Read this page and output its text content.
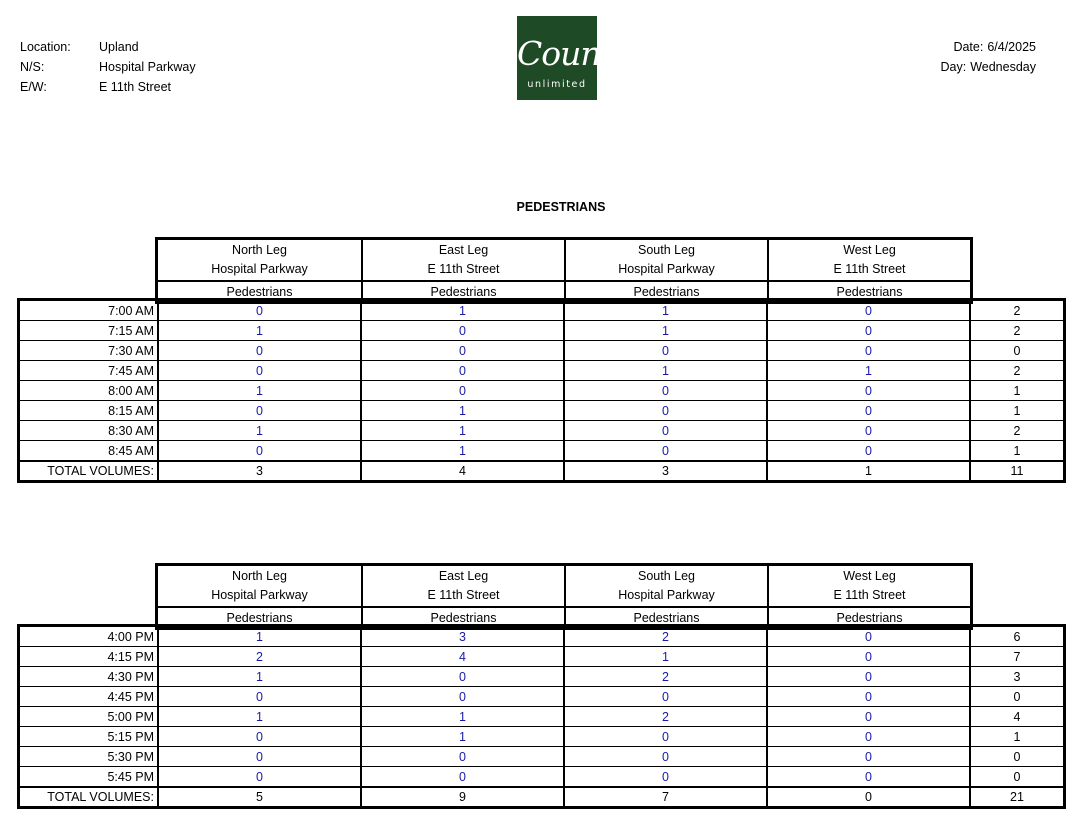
Location:	Upland
N/S:	Hospital Parkway
E/W:	E 11th Street
Counts
unlimited
Date: 6/4/2025
Day: Wednesday
PEDESTRIANS
North Leg
Hospital Parkway
Pedestrians
East Leg
E 11th Street
Pedestrians
South Leg
Hospital Parkway
Pedestrians
West Leg
E 11th Street
Pedestrians
7:00 AM	0	1	1	0	2
7:15 AM	1	0	1	0	2
7:30 AM	0	0	0	0	0
7:45 AM	0	0	1	1	2
8:00 AM	1	0	0	0	1
8:15 AM	0	1	0	0	1
8:30 AM	1	1	0	0	2
8:45 AM	0	1	0	0	1
TOTAL VOLUMES:	3	4	3	1	11
North Leg
Hospital Parkway
Pedestrians
East Leg
E 11th Street
Pedestrians
South Leg
Hospital Parkway
Pedestrians
West Leg
E 11th Street
Pedestrians
4:00 PM	1	3	2	0	6
4:15 PM	2	4	1	0	7
4:30 PM	1	0	2	0	3
4:45 PM	0	0	0	0	0
5:00 PM	1	1	2	0	4
5:15 PM	0	1	0	0	1
5:30 PM	0	0	0	0	0
5:45 PM	0	0	0	0	0
TOTAL VOLUMES:	5	9	7	0	21
